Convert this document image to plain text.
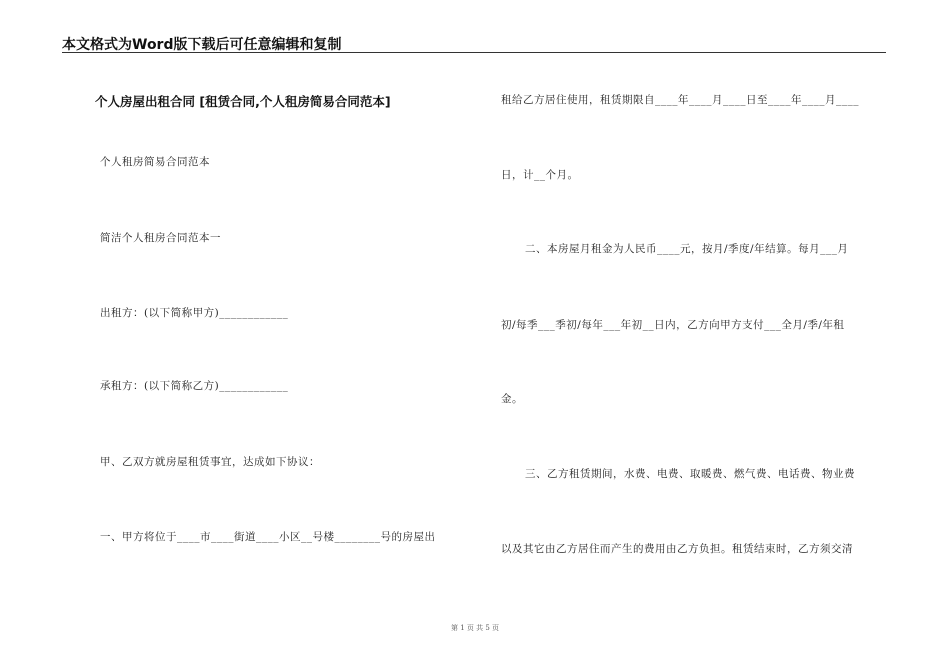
本文格式为Word版下载后可任意编辑和复制
个人房屋出租合同 [租赁合同,个人租房简易合同范本]
个人租房简易合同范本
简洁个人租房合同范本一
出租方：(以下简称甲方)____________
承租方：(以下简称乙方)____________
甲、乙双方就房屋租赁事宜，达成如下协议：
一、甲方将位于____市____街道____小区__号楼________号的房屋出
租给乙方居住使用，租赁期限自____年____月____日至____年____月____
日，计__个月。
二、本房屋月租金为人民币____元，按月/季度/年结算。每月___月
初/每季___季初/每年___年初__日内，乙方向甲方支付___全月/季/年租
金。
三、乙方租赁期间，水费、电费、取暖费、燃气费、电话费、物业费
以及其它由乙方居住而产生的费用由乙方负担。租赁结束时，乙方须交清
第 1 页 共 5 页
